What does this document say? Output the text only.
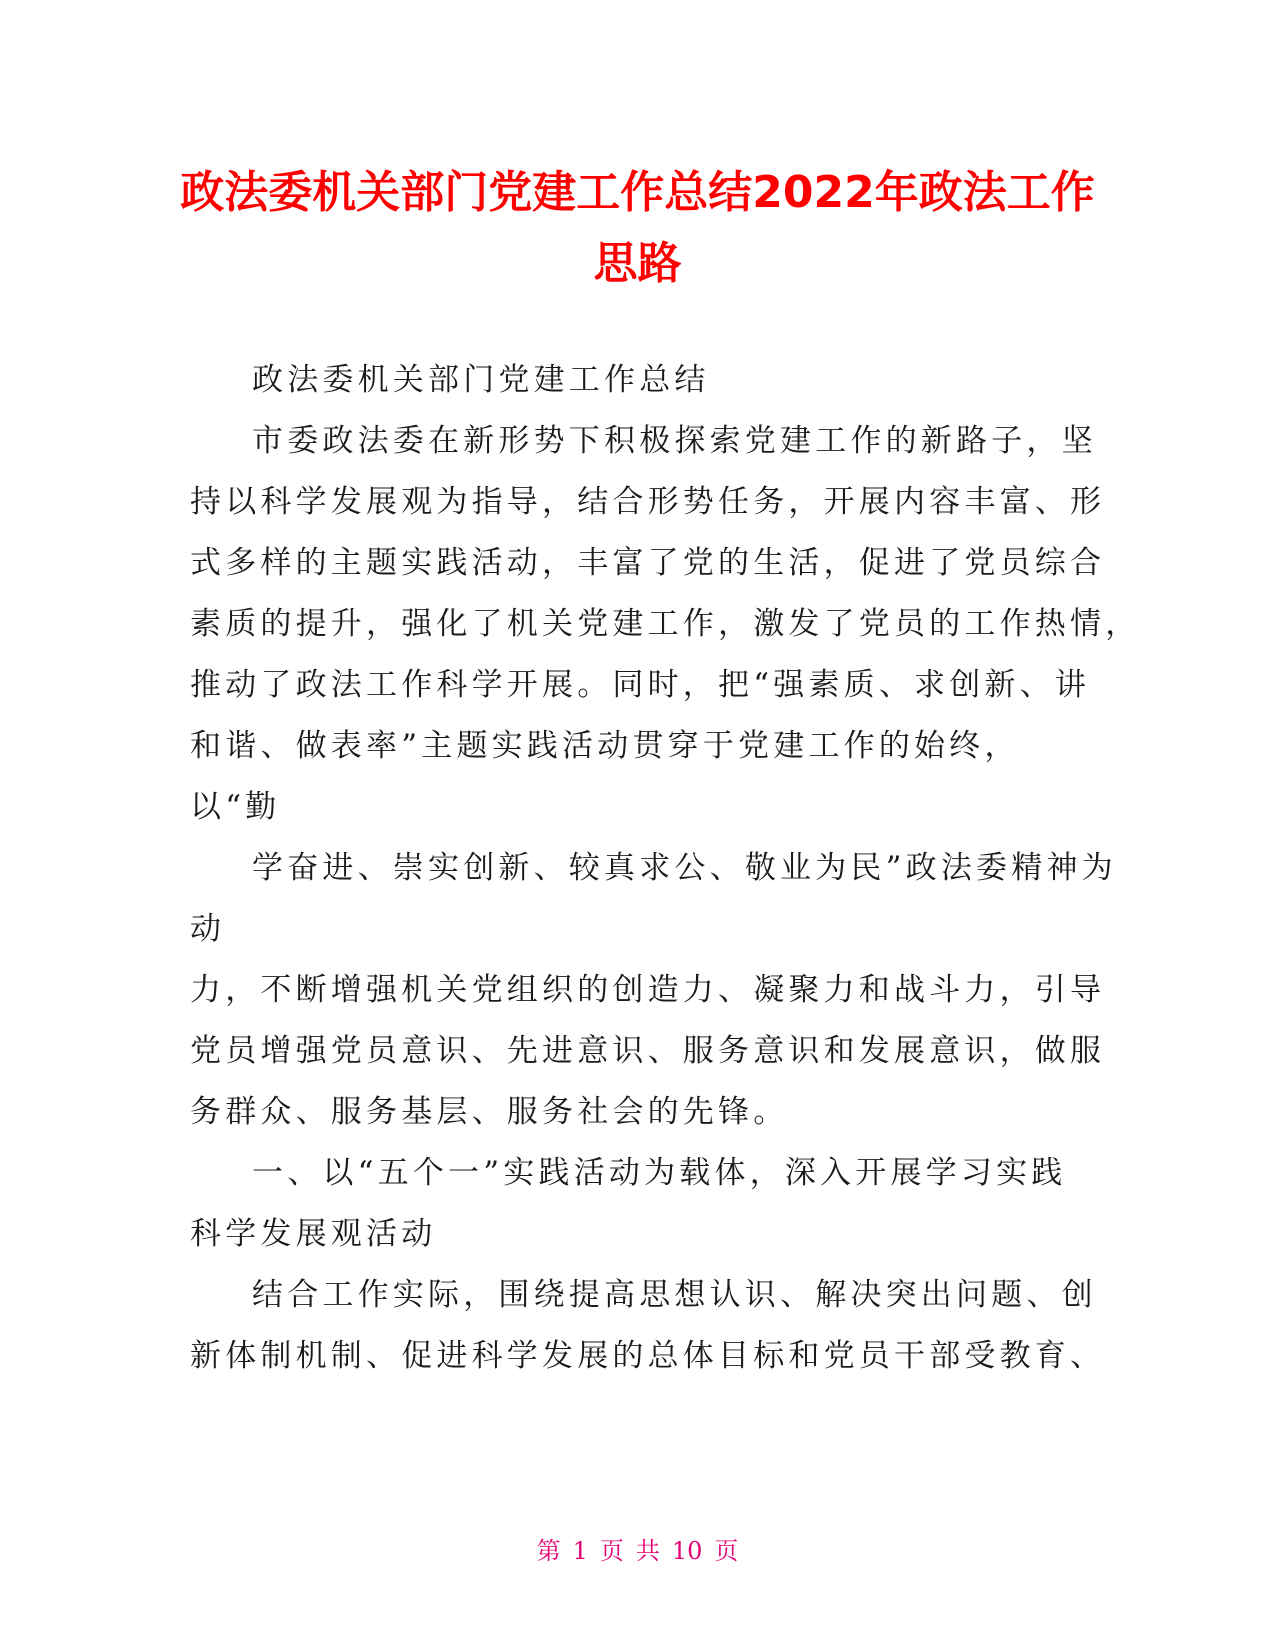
政法委机关部门党建工作总结2022年政法工作
思路
政法委机关部门党建工作总结
市委政法委在新形势下积极探索党建工作的新路子，坚
持以科学发展观为指导，结合形势任务，开展内容丰富、形
式多样的主题实践活动，丰富了党的生活，促进了党员综合
素质的提升，强化了机关党建工作，激发了党员的工作热情，
推动了政法工作科学开展。同时，把“强素质、求创新、讲
和谐、做表率”主题实践活动贯穿于党建工作的始终，
以“勤
学奋进、崇实创新、较真求公、敬业为民”政法委精神为
动
力，不断增强机关党组织的创造力、凝聚力和战斗力，引导
党员增强党员意识、先进意识、服务意识和发展意识，做服
务群众、服务基层、服务社会的先锋。
一、以“五个一”实践活动为载体，深入开展学习实践
科学发展观活动
结合工作实际，围绕提高思想认识、解决突出问题、创
新体制机制、促进科学发展的总体目标和党员干部受教育、
第 1 页 共 10 页
